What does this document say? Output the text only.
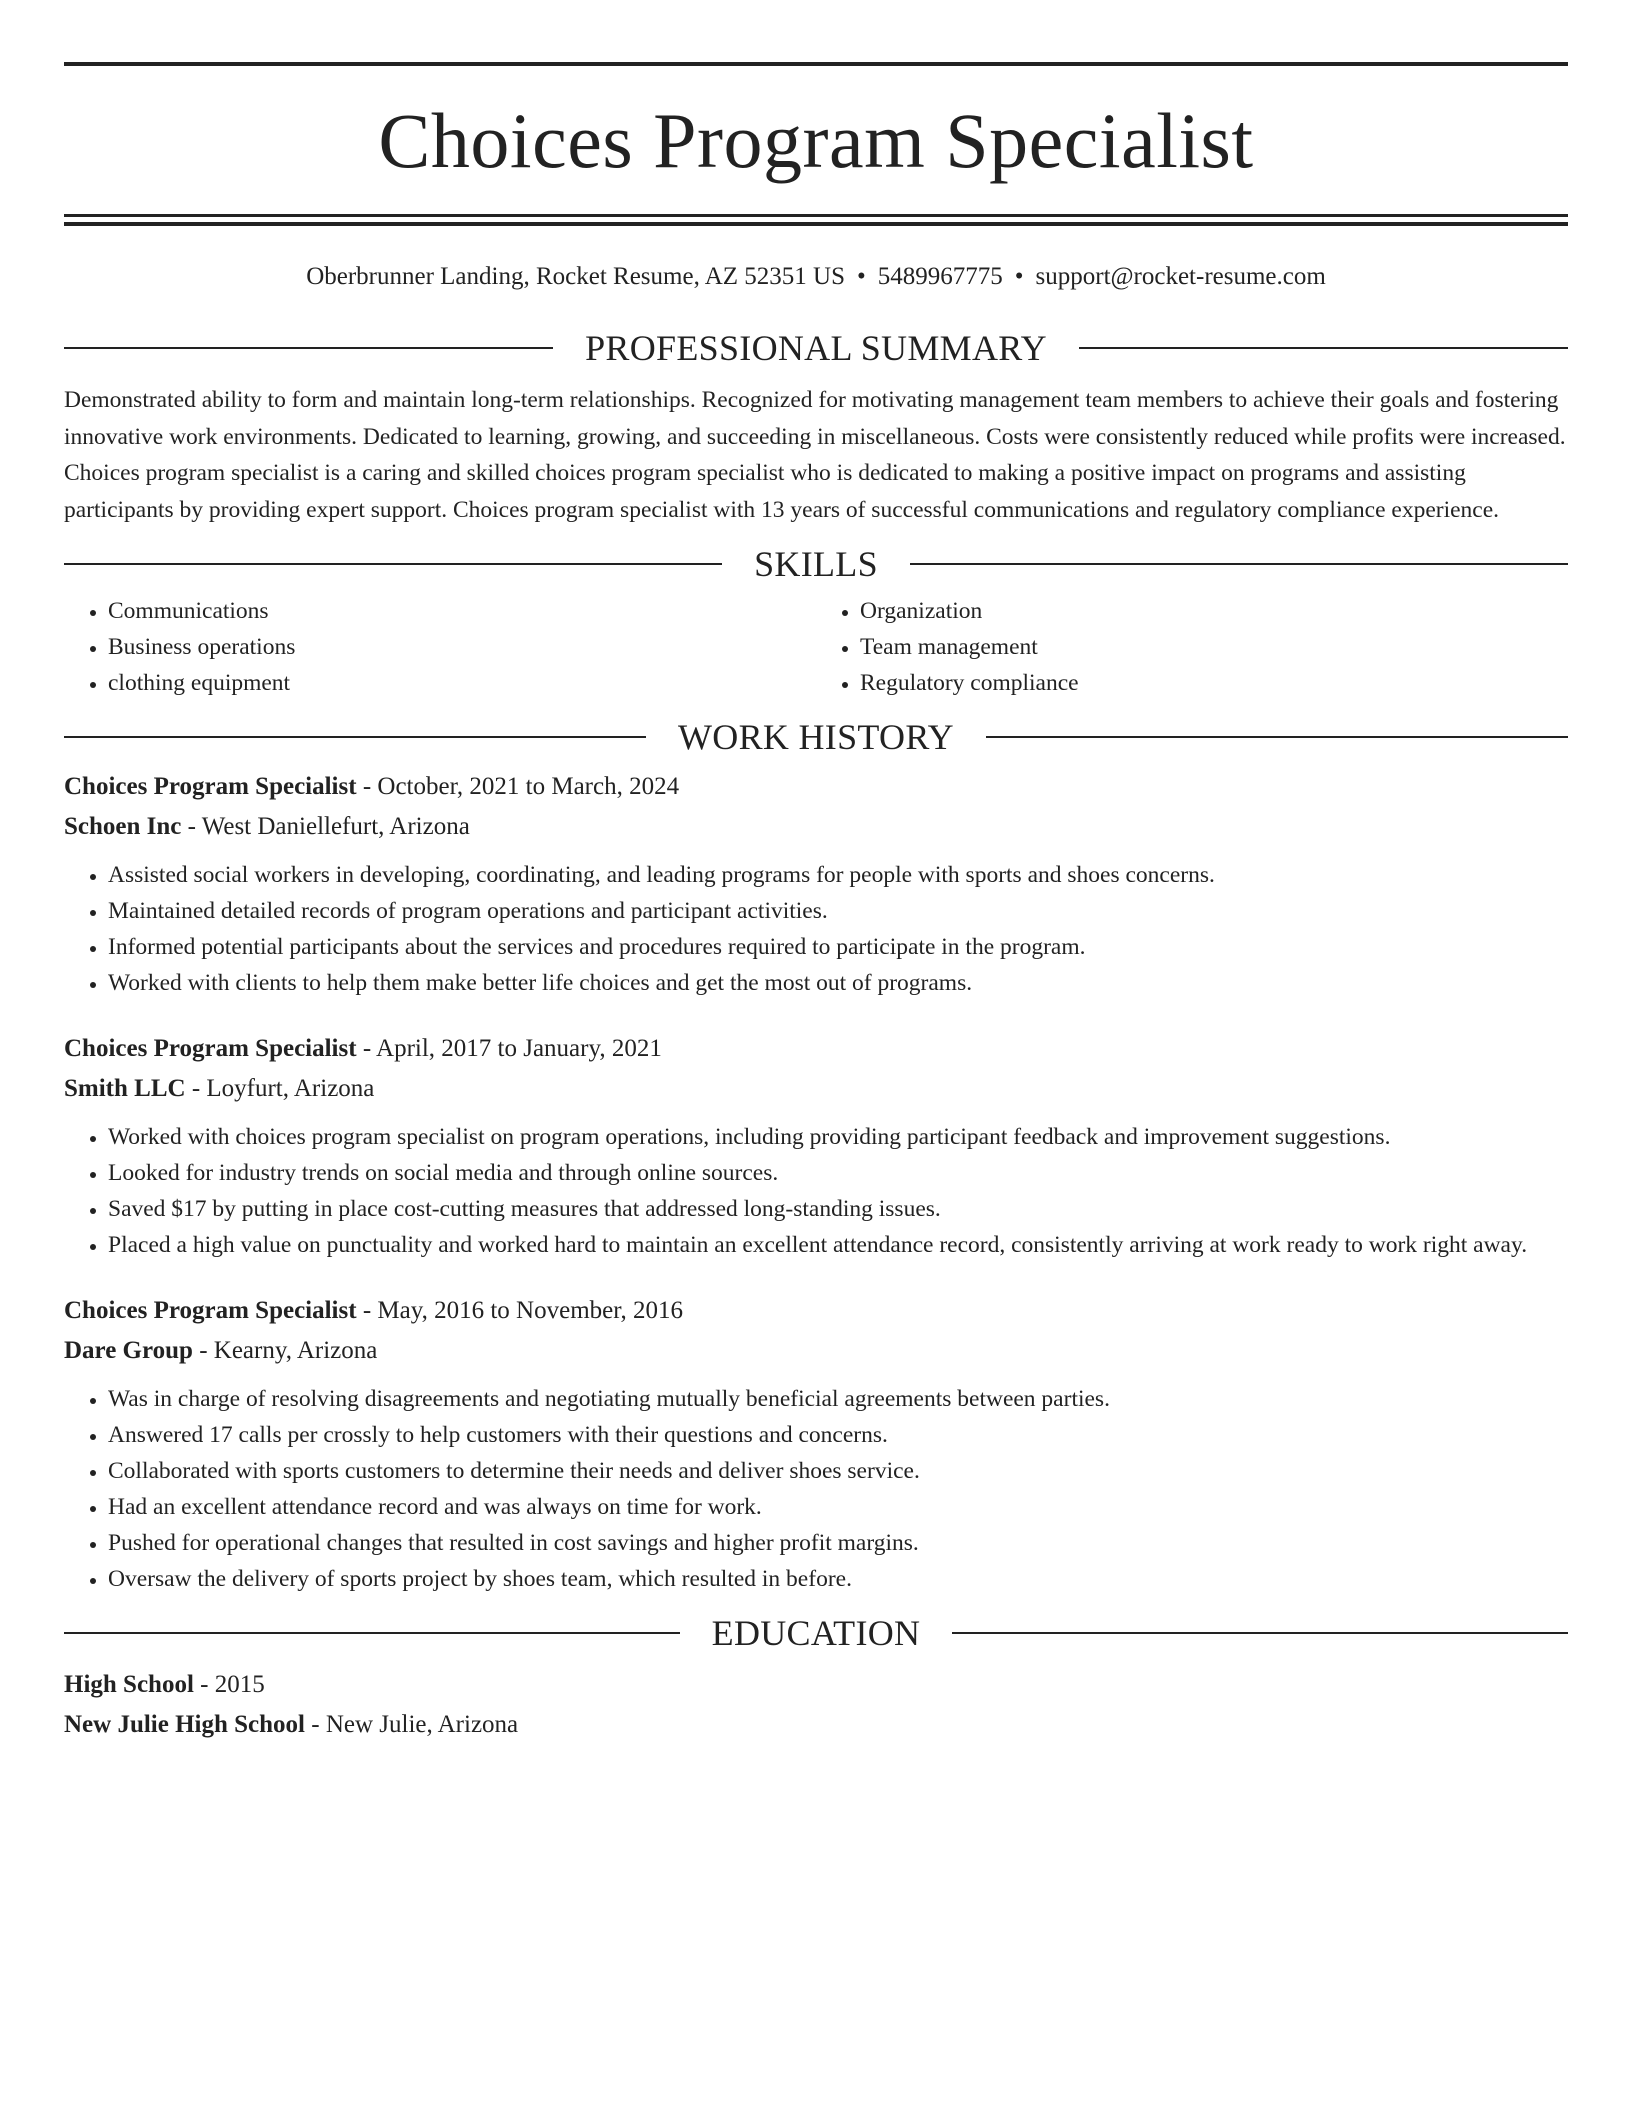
Choices Program Specialist
Oberbrunner Landing, Rocket Resume, AZ 52351 US • 5489967775 • support@rocket-resume.com
PROFESSIONAL SUMMARY

Demonstrated ability to form and maintain long-term relationships. Recognized for motivating management team members to achieve their goals and fostering innovative work environments. Dedicated to learning, growing, and succeeding in miscellaneous. Costs were consistently reduced while profits were increased. Choices program specialist is a caring and skilled choices program specialist who is dedicated to making a positive impact on programs and assisting participants by providing expert support. Choices program specialist with 13 years of successful communications and regulatory compliance experience.

SKILLS
• Communications
• Business operations
• clothing equipment
• Organization
• Team management
• Regulatory compliance
WORK HISTORY
Choices Program Specialist - October, 2021 to March, 2024
Schoen Inc - West Daniellefurt, Arizona
• Assisted social workers in developing, coordinating, and leading programs for people with sports and shoes concerns.
• Maintained detailed records of program operations and participant activities.
• Informed potential participants about the services and procedures required to participate in the program.
• Worked with clients to help them make better life choices and get the most out of programs.
Choices Program Specialist - April, 2017 to January, 2021
Smith LLC - Loyfurt, Arizona
• Worked with choices program specialist on program operations, including providing participant feedback and improvement suggestions.
• Looked for industry trends on social media and through online sources.
• Saved $17 by putting in place cost-cutting measures that addressed long-standing issues.
• Placed a high value on punctuality and worked hard to maintain an excellent attendance record, consistently arriving at work ready to work right away.
Choices Program Specialist - May, 2016 to November, 2016
Dare Group - Kearny, Arizona
• Was in charge of resolving disagreements and negotiating mutually beneficial agreements between parties.
• Answered 17 calls per crossly to help customers with their questions and concerns.
• Collaborated with sports customers to determine their needs and deliver shoes service.
• Had an excellent attendance record and was always on time for work.
• Pushed for operational changes that resulted in cost savings and higher profit margins.
• Oversaw the delivery of sports project by shoes team, which resulted in before.
EDUCATION
High School - 2015
New Julie High School - New Julie, Arizona
